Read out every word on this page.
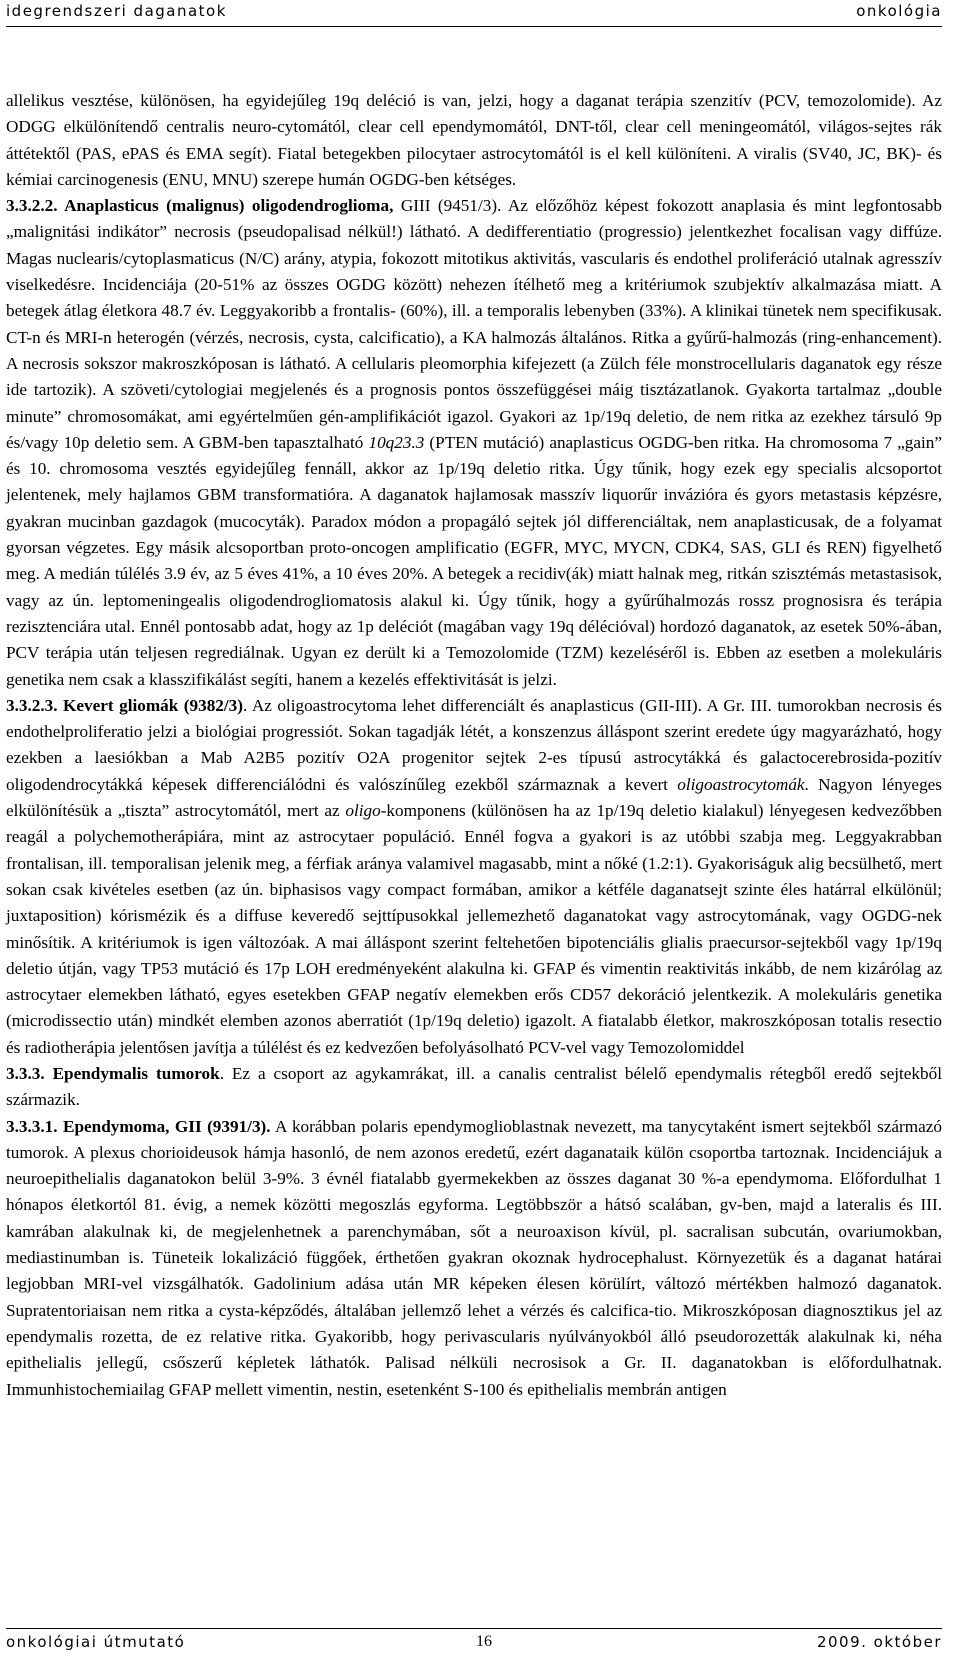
idegrendszeri daganatok	onkológia

allelikus vesztése, különösen, ha egyidejűleg 19q deléció is van, jelzi, hogy a daganat terápia szenzitív (PCV, temozolomide). Az ODGG elkülönítendő centralis neuro-cytomától, clear cell ependymomától, DNT-től, clear cell meningeomától, világos-sejtes rák áttétektől (PAS, ePAS és EMA segít). Fiatal betegekben pilocytaer astrocytomától is el kell különíteni. A viralis (SV40, JC, BK)- és kémiai carcinogenesis (ENU, MNU) szerepe humán OGDG-ben kétséges.

3.3.2.2. Anaplasticus (malignus) oligodendroglioma, GIII (9451/3). Az előzőhöz képest fokozott anaplasia és mint legfontosabb „malignitási indikátor” necrosis (pseudopalisad nélkül!) látható. A dedifferentiatio (progressio) jelentkezhet focalisan vagy diffúze. Magas nuclearis/cytoplasmaticus (N/C) arány, atypia, fokozott mitotikus aktivitás, vascularis és endothel proliferáció utalnak agresszív viselkedésre. Incidenciája (20-51% az összes OGDG között) nehezen ítélhető meg a kritériumok szubjektív alkalmazása miatt. A betegek átlag életkora 48.7 év. Leggyakoribb a frontalis- (60%), ill. a temporalis lebenyben (33%). A klinikai tünetek nem specifikusak. CT-n és MRI-n heterogén (vérzés, necrosis, cysta, calcificatio), a KA halmozás általános. Ritka a gyűrű-halmozás (ring-enhancement). A necrosis sokszor makroszkóposan is látható. A cellularis pleomorphia kifejezett (a Zülch féle monstrocellularis daganatok egy része ide tartozik). A szöveti/cytologiai megjelenés és a prognosis pontos összefüggései máig tisztázatlanok. Gyakorta tartalmaz „double minute” chromosomákat, ami egyértelműen gén-amplifikációt igazol. Gyakori az 1p/19q deletio, de nem ritka az ezekhez társuló 9p és/vagy 10p deletio sem. A GBM-ben tapasztalható 10q23.3 (PTEN mutáció) anaplasticus OGDG-ben ritka. Ha chromosoma 7 „gain” és 10. chromosoma vesztés egyidejűleg fennáll, akkor az 1p/19q deletio ritka. Úgy tűnik, hogy ezek egy specialis alcsoportot jelentenek, mely hajlamos GBM transformatióra. A daganatok hajlamosak masszív liquorűr invázióra és gyors metastasis képzésre, gyakran mucinban gazdagok (mucocyták). Paradox módon a propagáló sejtek jól differenciáltak, nem anaplasticusak, de a folyamat gyorsan végzetes. Egy másik alcsoportban proto-oncogen amplificatio (EGFR, MYC, MYCN, CDK4, SAS, GLI és REN) figyelhető meg. A medián túlélés 3.9 év, az 5 éves 41%, a 10 éves 20%. A betegek a recidiv(ák) miatt halnak meg, ritkán szisztémás metastasisok, vagy az ún. leptomeningealis oligodendrogliomatosis alakul ki. Úgy tűnik, hogy a gyűrűhalmozás rossz prognosisra és terápia rezisztenciára utal. Ennél pontosabb adat, hogy az 1p deléciót (magában vagy 19q délécióval) hordozó daganatok, az esetek 50%-ában, PCV terápia után teljesen regrediálnak. Ugyan ez derült ki a Temozolomide (TZM) kezeléséről is. Ebben az esetben a molekuláris genetika nem csak a klasszifikálást segíti, hanem a kezelés effektivitását is jelzi.

3.3.2.3. Kevert gliomák (9382/3). Az oligoastrocytoma lehet differenciált és anaplasticus (GII-III). A Gr. III. tumorokban necrosis és endothelproliferatio jelzi a biológiai progressiót. Sokan tagadják létét, a konszenzus álláspont szerint eredete úgy magyarázható, hogy ezekben a laesiókban a Mab A2B5 pozitív O2A progenitor sejtek 2-es típusú astrocytákká és galactocerebrosida-pozitív oligodendrocytákká képesek differenciálódni és valószínűleg ezekből származnak a kevert oligoastrocytomák. Nagyon lényeges elkülönítésük a „tiszta” astrocytomától, mert az oligo-komponens (különösen ha az 1p/19q deletio kialakul) lényegesen kedvezőbben reagál a polychemotherápiára, mint az astrocytaer populáció. Ennél fogva a gyakori is az utóbbi szabja meg. Leggyakrabban frontalisan, ill. temporalisan jelenik meg, a férfiak aránya valamivel magasabb, mint a nőké (1.2:1). Gyakoriságuk alig becsülhető, mert sokan csak kivételes esetben (az ún. biphasisos vagy compact formában, amikor a kétféle daganatsejt szinte éles határral elkülönül; juxtaposition) kórismézik és a diffuse keveredő sejttípusokkal jellemezhető daganatokat vagy astrocytomának, vagy OGDG-nek minősítik. A kritériumok is igen változóak. A mai álláspont szerint feltehetően bipotenciális glialis praecursor-sejtekből vagy 1p/19q deletio útján, vagy TP53 mutáció és 17p LOH eredményeként alakulna ki. GFAP és vimentin reaktivitás inkább, de nem kizárólag az astrocytaer elemekben látható, egyes esetekben GFAP negatív elemekben erős CD57 dekoráció jelentkezik. A molekuláris genetika (microdissectio után) mindkét elemben azonos aberratiót (1p/19q deletio) igazolt. A fiatalabb életkor, makroszkóposan totalis resectio és radiotherápia jelentősen javítja a túlélést és ez kedvezően befolyásolható PCV-vel vagy Temozolomiddel

3.3.3. Ependymalis tumorok. Ez a csoport az agykamrákat, ill. a canalis centralist bélelő ependymalis rétegből eredő sejtekből származik.

3.3.3.1. Ependymoma, GII (9391/3). A korábban polaris ependymoglioblastnak nevezett, ma tanycytaként ismert sejtekből származó tumorok. A plexus chorioideusok hámja hasonló, de nem azonos eredetű, ezért daganataik külön csoportba tartoznak. Incidenciájuk a neuroepithelialis daganatokon belül 3-9%. 3 évnél fiatalabb gyermekekben az összes daganat 30 %-a ependymoma. Előfordulhat 1 hónapos életkortól 81. évig, a nemek közötti megoszlás egyforma. Legtöbbször a hátsó scalában, gv-ben, majd a lateralis és III. kamrában alakulnak ki, de megjelenhetnek a parenchymában, sőt a neuroaxison kívül, pl. sacralisan subcután, ovariumokban, mediastinumban is. Tüneteik lokalizáció függőek, érthetően gyakran okoznak hydrocephalust. Környezetük és a daganat határai legjobban MRI-vel vizsgálhatók. Gadolinium adása után MR képeken élesen körülírt, változó mértékben halmozó daganatok. Supratentoriaisan nem ritka a cysta-képződés, általában jellemző lehet a vérzés és calcifica-tio. Mikroszkóposan diagnosztikus jel az ependymalis rozetta, de ez relative ritka. Gyakoribb, hogy perivascularis nyúlványokból álló pseudorozetták alakulnak ki, néha epithelialis jellegű, csőszerű képletek láthatók. Palisad nélküli necrosisok a Gr. II. daganatokban is előfordulhatnak. Immunhistochemiailag GFAP mellett vimentin, nestin, esetenként S-100 és epithelialis membrán antigen

onkológiai útmutató	16	2009. október
